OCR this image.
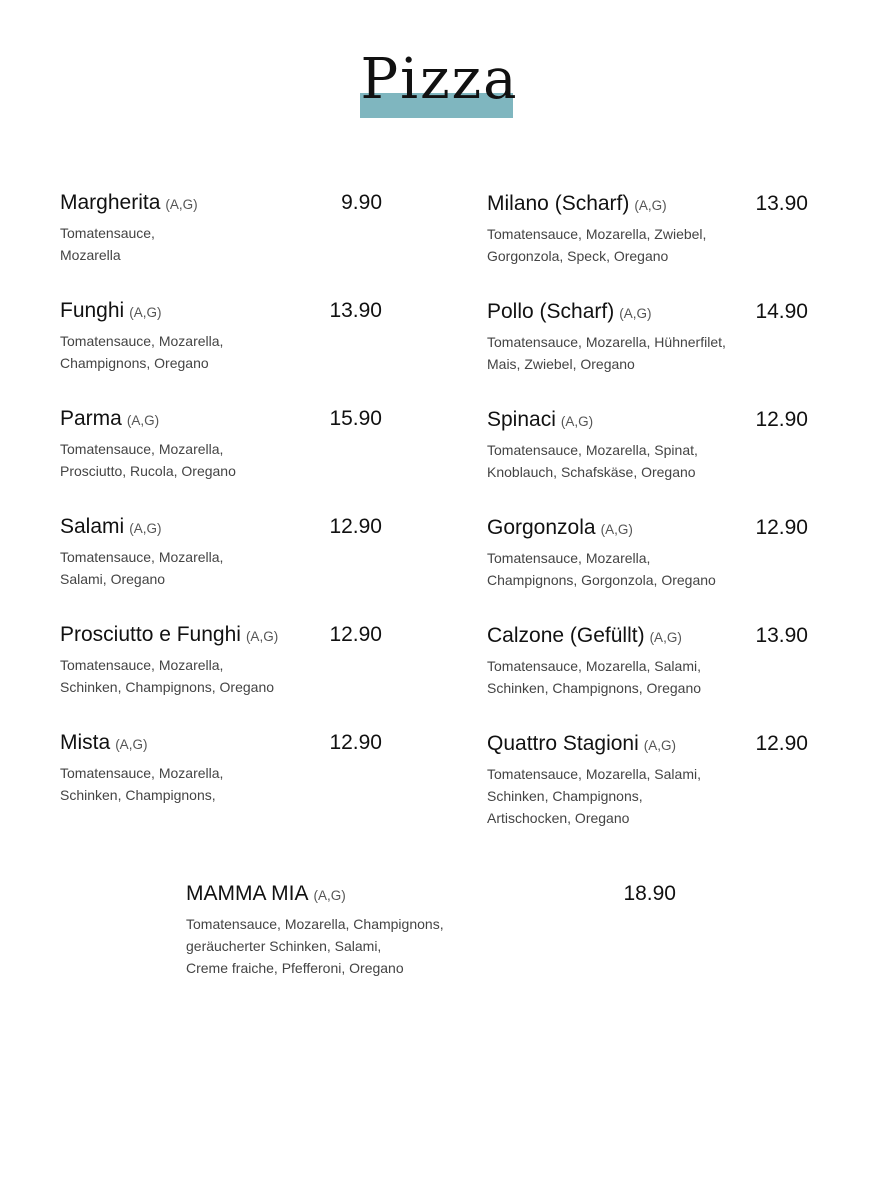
Pizza
Margherita (A,G)	9.90
Tomatensauce,
Mozarella
Funghi (A,G)	13.90
Tomatensauce, Mozarella,
Champignons, Oregano
Parma (A,G)	15.90
Tomatensauce, Mozarella,
Prosciutto, Rucola, Oregano
Salami (A,G)	12.90
Tomatensauce, Mozarella,
Salami, Oregano
Prosciutto e Funghi (A,G) 12.90
Tomatensauce, Mozarella,
Schinken, Champignons, Oregano
Mista (A,G)	12.90
Tomatensauce, Mozarella,
Schinken, Champignons,
Milano (Scharf) (A,G)	13.90
Tomatensauce, Mozarella, Zwiebel,
Gorgonzola, Speck, Oregano
Pollo (Scharf) (A,G)	14.90
Tomatensauce, Mozarella, Hühnerfilet,
Mais, Zwiebel, Oregano
Spinaci (A,G)	12.90
Tomatensauce, Mozarella, Spinat,
Knoblauch, Schafskäse, Oregano
Gorgonzola (A,G)	12.90
Tomatensauce, Mozarella,
Champignons, Gorgonzola, Oregano
Calzone (Gefüllt) (A,G)	13.90
Tomatensauce, Mozarella, Salami,
Schinken, Champignons, Oregano
Quattro Stagioni (A,G)	12.90
Tomatensauce, Mozarella, Salami,
Schinken, Champignons,
Artischocken, Oregano
MAMMA MIA (A,G)	18.90
Tomatensauce, Mozarella, Champignons,
geräucherter Schinken, Salami,
Creme fraiche, Pfefferoni, Oregano
